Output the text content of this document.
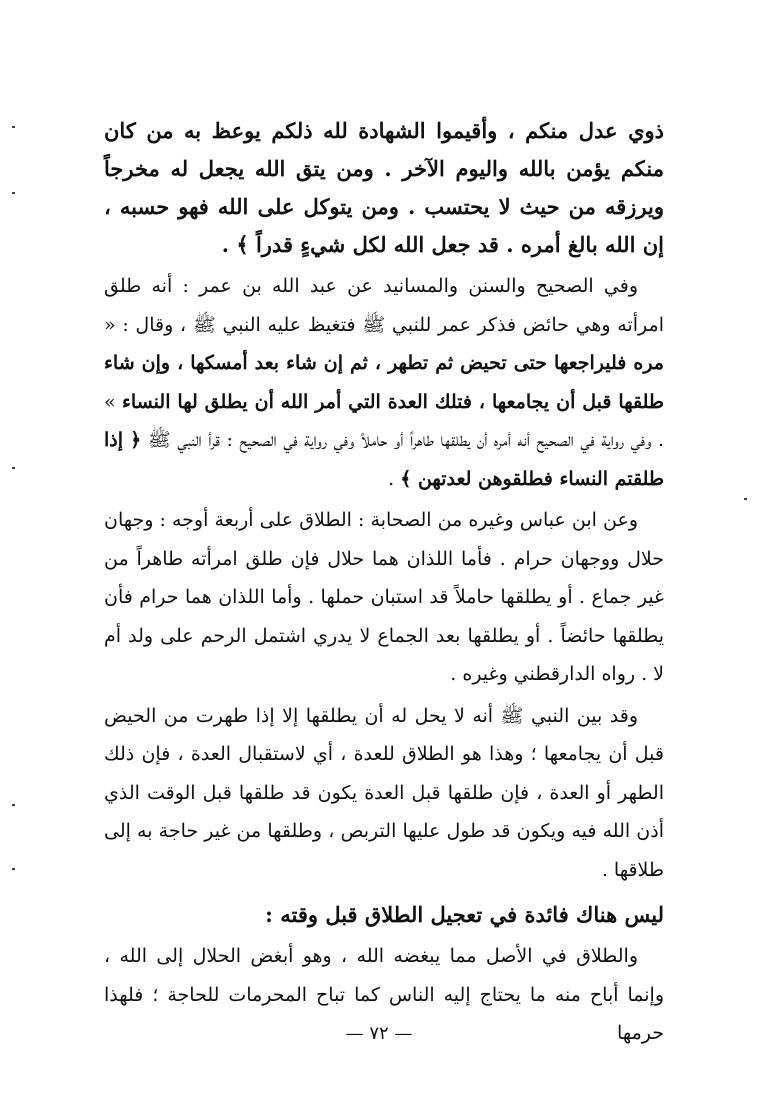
ذوي عدل منكم ، وأقيموا الشهادة لله ذلكم يوعظ به من كان منكم يؤمن بالله واليوم الآخر . ومن يتق الله يجعل له مخرجاً ويرزقه من حيث لا يحتسب . ومن يتوكل على الله فهو حسبه ، إن الله بالغ أمره . قد جعل الله لكل شيءٍ قدراً ﴾ .

وفي الصحيح والسنن والمسانيد عن عبد الله بن عمر : أنه طلق امرأته وهي حائض فذكر عمر للنبي ﷺ فتغيظ عليه النبي ﷺ ، وقال : « مره فليراجعها حتى تحيض ثم تطهر ، ثم إن شاء بعد أمسكها ، وإن شاء طلقها قبل أن يجامعها ، فتلك العدة التي أمر الله أن يطلق لها النساء » . وفي رواية في الصحيح أنه أمره أن يطلقها طاهراً أو حاملاً وفي رواية في الصحيح : قرأ النبي ﷺ ﴿ إذا طلقتم النساء فطلقوهن لعدتهن ﴾ .

وعن ابن عباس وغيره من الصحابة : الطلاق على أربعة أوجه : وجهان حلال ووجهان حرام . فأما اللذان هما حلال فإن طلق امرأته طاهراً من غير جماع . أو يطلقها حاملاً قد استبان حملها . وأما اللذان هما حرام فأن يطلقها حائضاً . أو يطلقها بعد الجماع لا يدري اشتمل الرحم على ولد أم لا . رواه الدارقطني وغيره .

وقد بين النبي ﷺ أنه لا يحل له أن يطلقها إلا إذا طهرت من الحيض قبل أن يجامعها ؛ وهذا هو الطلاق للعدة ، أي لاستقبال العدة ، فإن ذلك الطهر أو العدة ، فإن طلقها قبل العدة يكون قد طلقها قبل الوقت الذي أذن الله فيه ويكون قد طول عليها التربص ، وطلقها من غير حاجة به إلى طلاقها .

ليس هناك فائدة في تعجيل الطلاق قبل وقته :

والطلاق في الأصل مما يبغضه الله ، وهو أبغض الحلال إلى الله ، وإنما أباح منه ما يحتاج إليه الناس كما تباح المحرمات للحاجة ؛ فلهذا حرمها

— ٧٢ —
